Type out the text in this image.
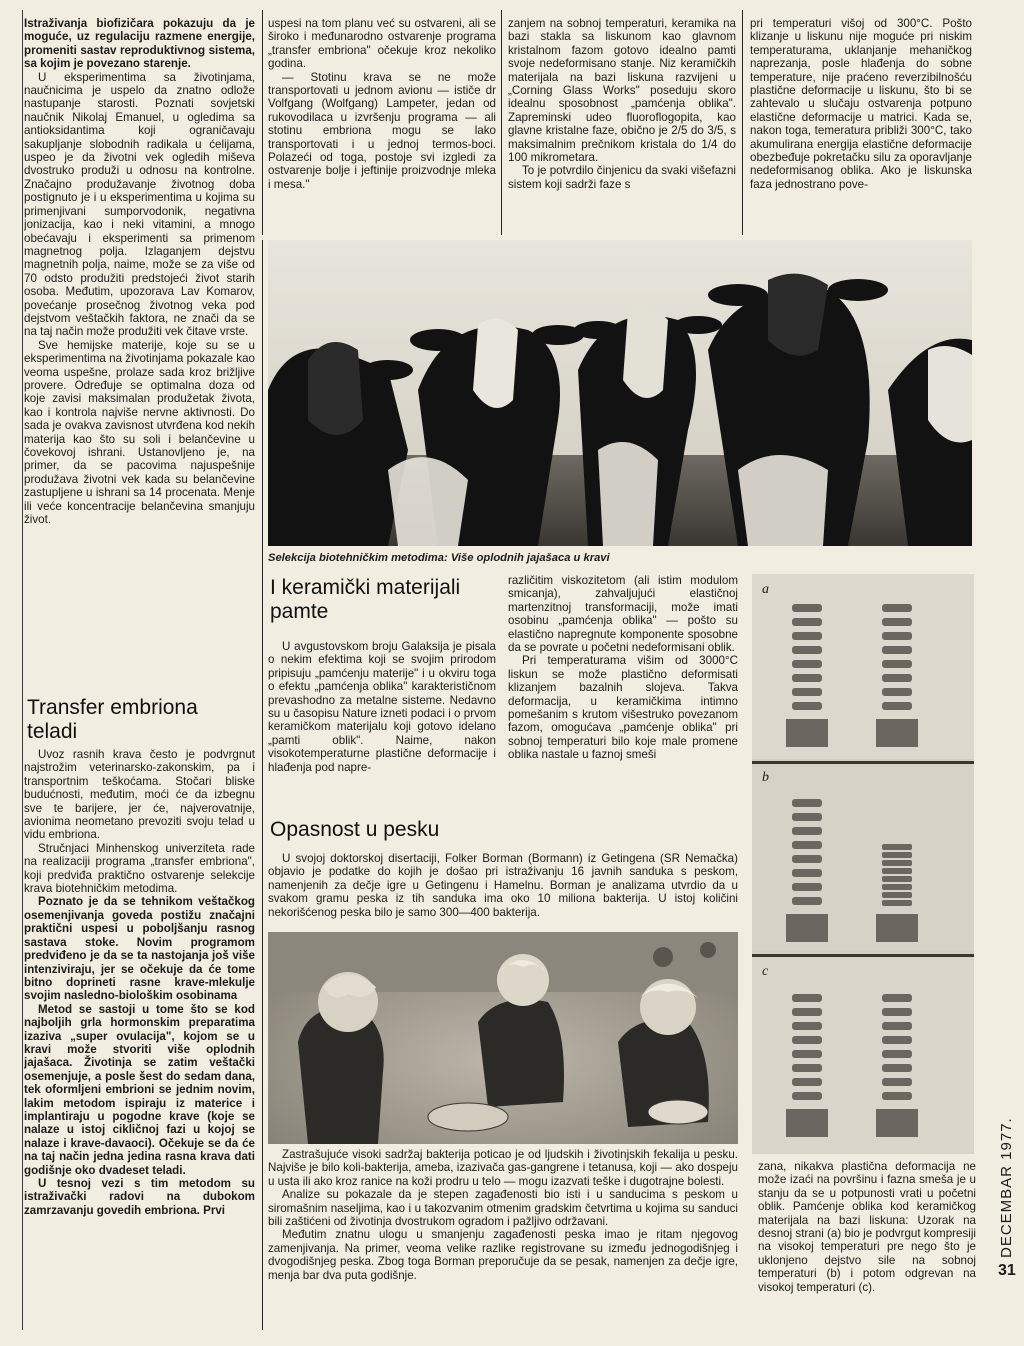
Istraživanja biofizičara pokazuju da je moguće, uz regulaciju razmene energije, promeniti sastav reproduktivnog sistema, sa kojim je povezano starenje.

U eksperimentima sa životinjama, naučnicima je uspelo da znatno odlože nastupanje starosti. Poznati sovjetski naučnik Nikolaj Emanuel, u ogledima sa antioksidantima koji ograničavaju sakupljanje slobodnih radikala u ćelijama, uspeo je da životni vek ogledih miševa dvostruko produži u odnosu na kontrolne. Značajno produžavanje životnog doba postignuto je i u eksperimentima u kojima su primenjivani sumporvodonik, negativna jonizacija, kao i neki vitamini, a mnogo obećavaju i eksperimenti sa primenom magnetnog polja. Izlaganjem dejstvu magnetnih polja, naime, može se za više od 70 odsto produžiti predstojeći život starih osoba. Međutim, upozorava Lav Komarov, povećanje prosečnog životnog veka pod dejstvom veštačkih faktora, ne znači da se na taj način može produžiti vek čitave vrste.

Sve hemijske materije, koje su se u eksperimentima na životinjama pokazale kao veoma uspešne, prolaze sada kroz brižljive provere. Određuje se optimalna doza od koje zavisi maksimalan produžetak života, kao i kontrola najviše nervne aktivnosti. Do sada je ovakva zavisnost utvrđena kod nekih materija kao što su soli i belančevine u čovekovoj ishrani. Ustanovljeno je, na primer, da se pacovima najuspešnije produžava životni vek kada su belančevine zastupljene u ishrani sa 14 procenata. Menje ili veće koncentracije belančevina smanjuju život.

Transfer embriona teladi

Uvoz rasnih krava često je podvrgnut najstrožim veterinarsko-zakonskim, pa i transportnim teškoćama. Stočari bliske budućnosti, međutim, moći će da izbegnu sve te barijere, jer će, najverovatnije, avionima neometano prevoziti svoju telad u vidu embriona.

Stručnjaci Minhenskog univerziteta rade na realizaciji programa „transfer embriona", koji predviđa praktično ostvarenje selekcije krava biotehničkim metodima.

Poznato je da se tehnikom veštačkog osemenjivanja goveda postižu značajni praktični uspesi u poboljšanju rasnog sastava stoke. Novim programom predviđeno je da se ta nastojanja još više intenziviraju, jer se očekuje da će tome bitno doprineti rasne krave-mlekulje svojim nasledno-biološkim osobinama

Metod se sastoji u tome što se kod najboljih grla hormonskim preparatima izaziva „super ovulacija", kojom se u kravi može stvoriti više oplodnih jajašaca. Životinja se zatim veštački osemenjuje, a posle šest do sedam dana, tek oformljeni embrioni se jednim novim, lakim metodom ispiraju iz materice i implantiraju u pogodne krave (koje se nalaze u istoj cikličnoj fazi u kojoj se nalaze i krave-davaoci). Očekuje se da će na taj način jedna jedina rasna krava dati godišnje oko dvadeset teladi.

U tesnoj vezi s tim metodom su istraživački radovi na dubokom zamrzavanju govedih embriona. Prvi

uspesi na tom planu već su ostvareni, ali se široko i međunarodno ostvarenje programa „transfer embriona" očekuje kroz nekoliko godina.

— Stotinu krava se ne može transportovati u jednom avionu — ističe dr Volfgang (Wolfgang) Lampeter, jedan od rukovodilaca u izvršenju programa — ali stotinu embriona mogu se lako transportovati i u jednoj termos-boci. Polazeći od toga, postoje svi izgledi za ostvarenje bolje i jeftinije proizvodnje mleka i mesa."

zanjem na sobnoj temperaturi, keramika na bazi stakla sa liskunom kao glavnom kristalnom fazom gotovo idealno pamti svoje nedeformisano stanje. Niz keramičkih materijala na bazi liskuna razvijeni u „Corning Glass Works" poseduju skoro idealnu sposobnost „pamćenja oblika". Zapreminski udeo fluoroflogopita, kao glavne kristalne faze, obično je 2/5 do 3/5, s maksimalnim prečnikom kristala do 1/4 do 100 mikrometara.

To je potvrdilo činjenicu da svaki višefazni sistem koji sadrži faze s

pri temperaturi višoj od 300°C. Pošto klizanje u liskunu nije moguće pri niskim temperaturama, uklanjanje mehaničkog naprezanja, posle hlađenja do sobne temperature, nije praćeno reverzibilnošću plastične deformacije u liskunu, što bi se zahtevalo u slučaju ostvarenja potpuno elastične deformacije u matrici. Kada se, nakon toga, temeratura približi 300°C, tako akumulirana energija elastične deformacije obezbeđuje pokretačku silu za oporavljanje nedeformisanog oblika. Ako je liskunska faza jednostrano pove-

Selekcija biotehničkim metodima: Više oplodnih jajašaca u kravi
I keramički materijali pamte

U avgustovskom broju Galaksija je pisala o nekim efektima koji se svojim prirodom pripisuju „pamćenju materije" i u okviru toga o efektu „pamćenja oblika" karakterističnom prevashodno za metalne sisteme. Nedavno su u časopisu Nature izneti podaci i o prvom keramičkom materijalu koji gotovo idelano „pamti oblik". Naime, nakon visokotemperaturne plastične deformacije i hlađenja pod napre-

različitim viskozitetom (ali istim modulom smicanja), zahvaljujući elastičnoj martenzitnoj transformaciji, može imati osobinu „pamćenja oblika" — pošto su elastično napregnute komponente sposobne da se povrate u početni nedeformisani oblik.

Pri temperaturama višim od 3000°C liskun se može plastično deformisati klizanjem bazalnih slojeva. Takva deformacija, u keramičkima intimno pomešanim s krutom višestruko povezanom fazom, omogućava „pamćenje oblika" pri sobnoj temperaturi bilo koje male promene oblika nastale u faznoj smeši

Opasnost u pesku

U svojoj doktorskoj disertaciji, Folker Borman (Bormann) iz Getingena (SR Nemačka) objavio je podatke do kojih je došao pri istraživanju 16 javnih sanduka s peskom, namenjenih za dečje igre u Getingenu i Hamelnu. Borman je analizama utvrdio da u svakom gramu peska iz tih sanduka ima oko 10 miliona bakterija. U istoj količini nekorišćenog peska bilo je samo 300—400 bakterija.

Zastrašujuće visoki sadržaj bakterija poticao je od ljudskih i životinjskih fekalija u pesku. Najviše je bilo koli-bakterija, ameba, izazivača gas-gangrene i tetanusa, koji — ako dospeju u usta ili ako kroz ranice na koži prodru u telo — mogu izazvati teške i dugotrajne bolesti.

Analize su pokazale da je stepen zagađenosti bio isti i u sanducima s peskom u siromašnim naseljima, kao i u takozvanim otmenim gradskim četvrtima u kojima su sanduci bili zaštićeni od životinja dvostrukom ogradom i pažljivo održavani.

Međutim znatnu ulogu u smanjenju zagađenosti peska imao je ritam njegovog zamenjivanja. Na primer, veoma velike razlike registrovane su između jednogodišnjeg i dvogodišnjeg peska. Zbog toga Borman preporučuje da se pesak, namenjen za dečje igre, menja bar dva puta godišnje.

a
b
c

zana, nikakva plastična deformacija ne može izaći na površinu i fazna smeša je u stanju da se u potpunosti vrati u početni oblik. Pamćenje oblika kod keramičkog materijala na bazi liskuna: Uzorak na desnoj strani (a) bio je podvrgut kompresiji na visokoj temperaturi pre nego što je uklonjeno dejstvo sile na sobnoj temperaturi (b) i potom odgrevan na visokoj temperaturi (c).

DECEMBAR 1977.
31
